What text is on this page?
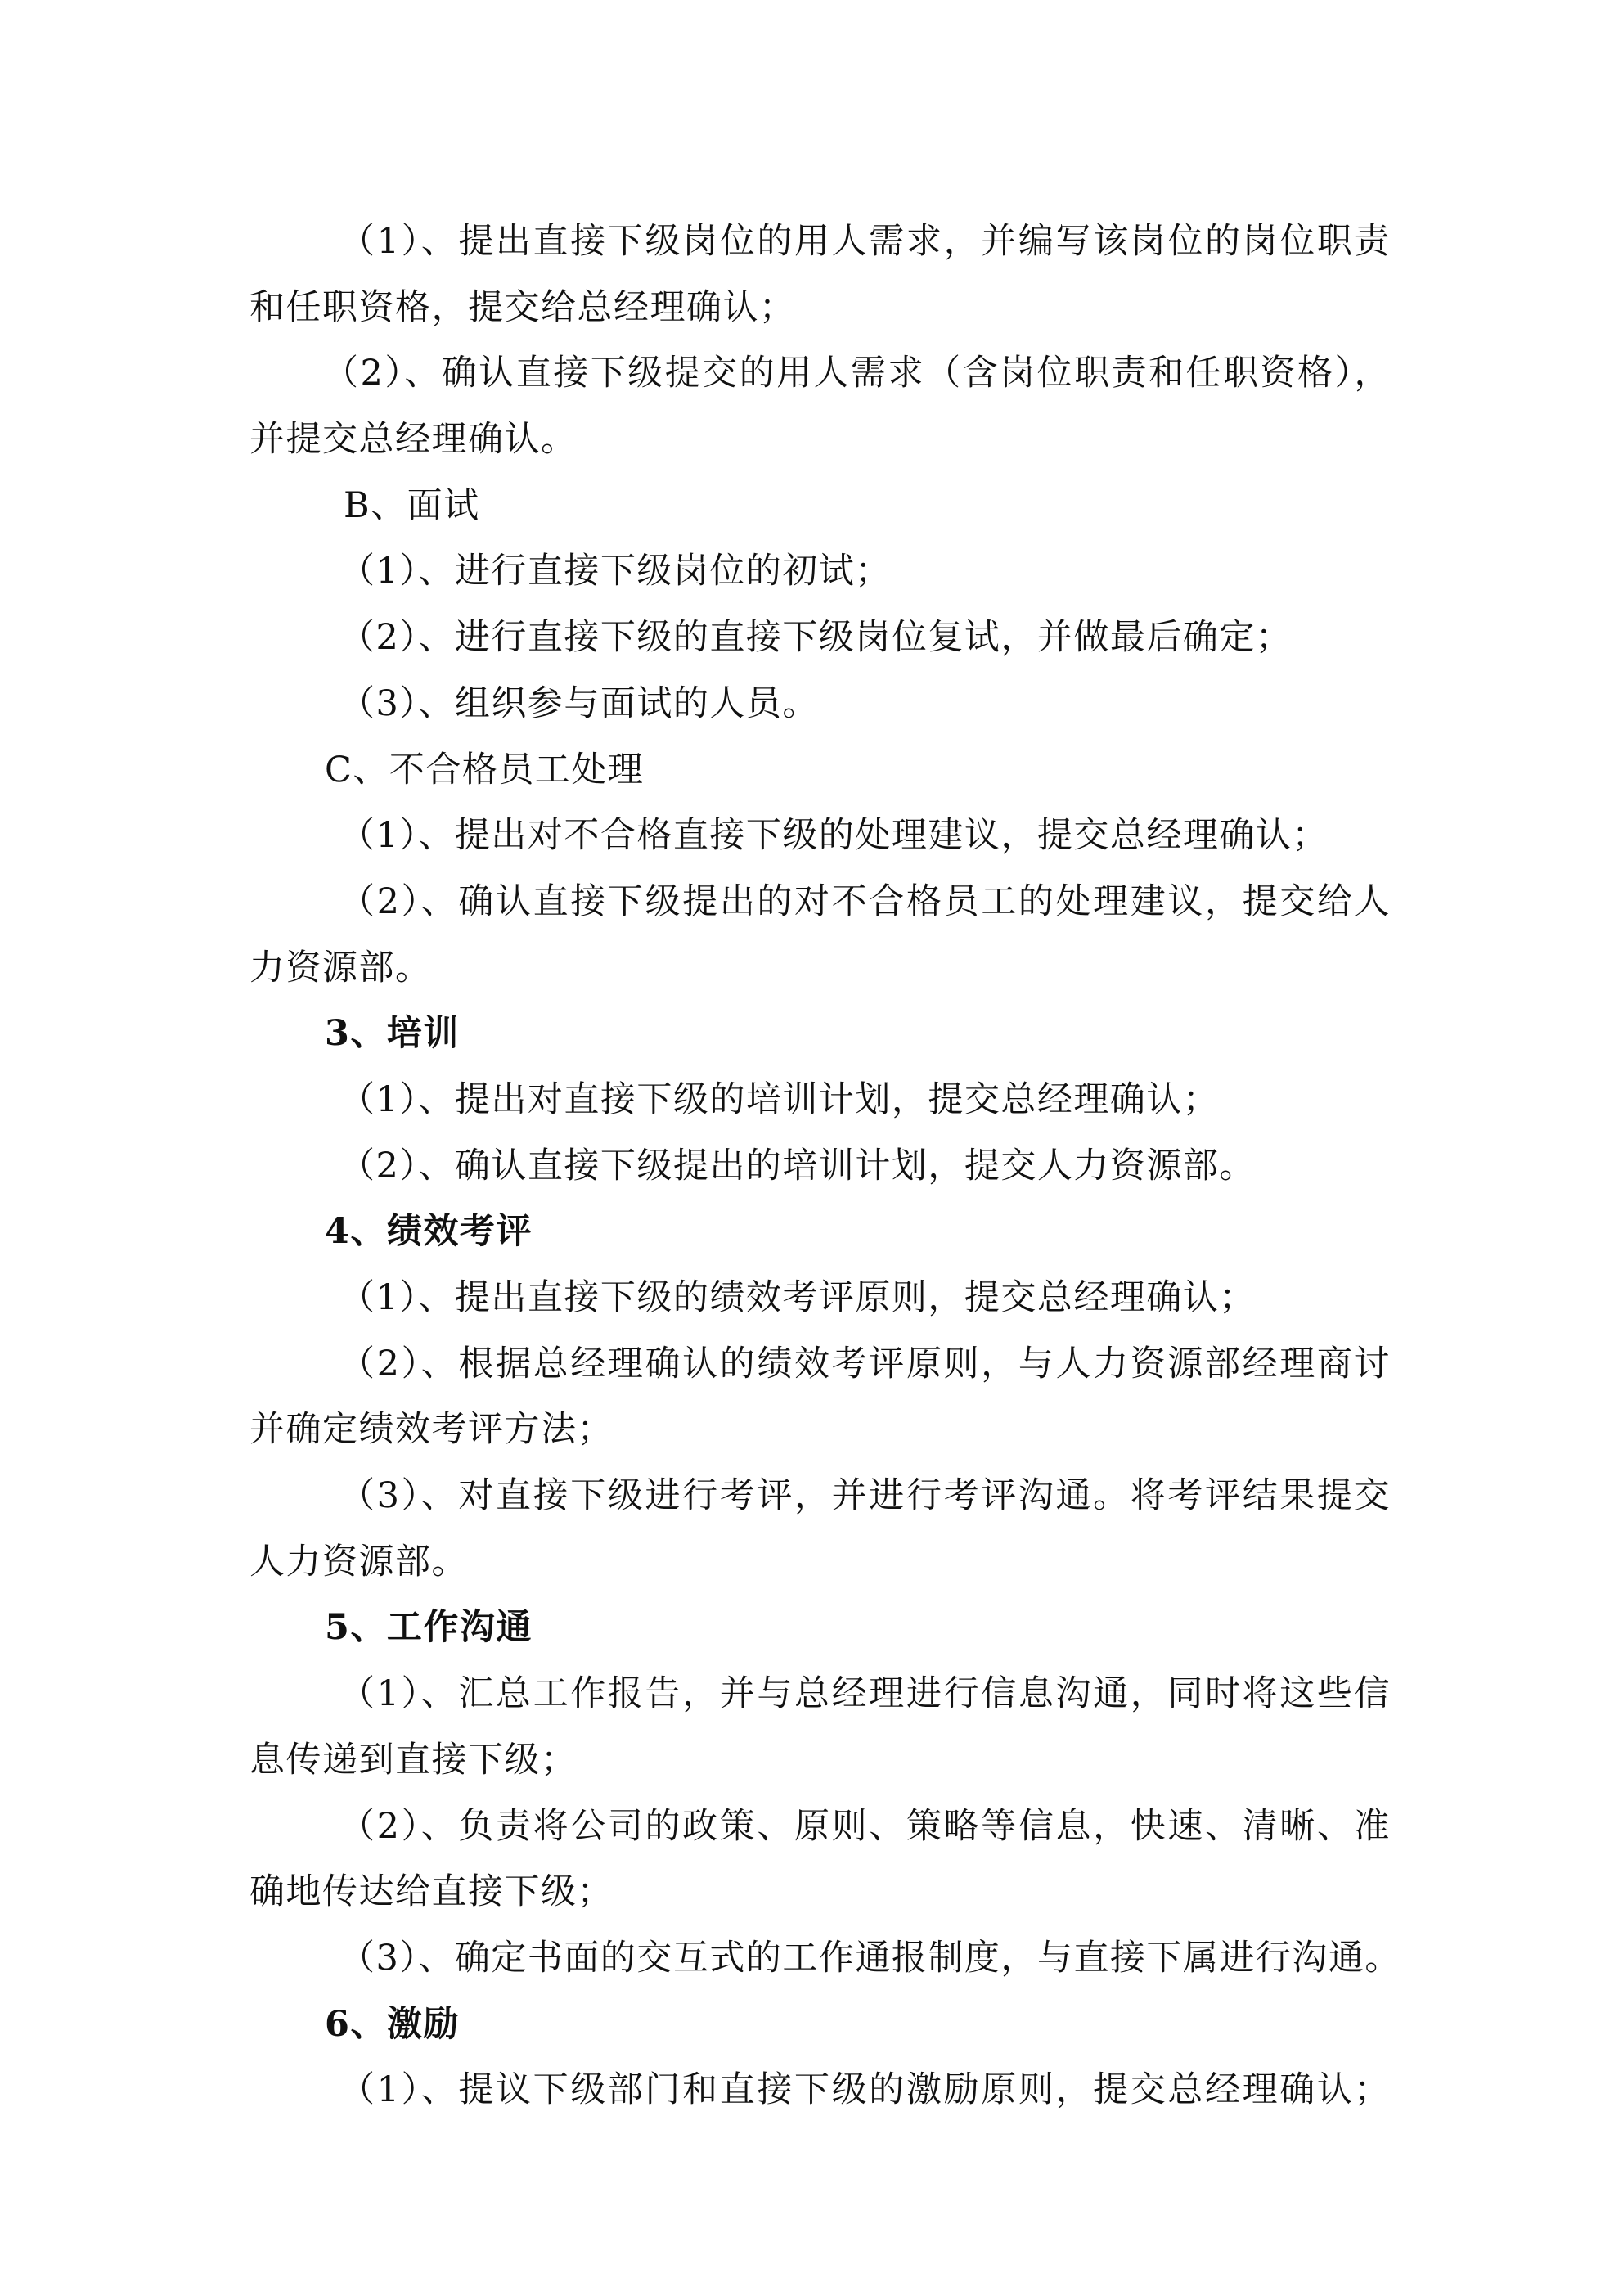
（1）、提出直接下级岗位的用人需求，并编写该岗位的岗位职责
和任职资格，提交给总经理确认；
（2）、确认直接下级提交的用人需求（含岗位职责和任职资格），
并提交总经理确认。
B、面试
（1）、进行直接下级岗位的初试；
（2）、进行直接下级的直接下级岗位复试，并做最后确定；
（3）、组织参与面试的人员。
C、不合格员工处理
（1）、提出对不合格直接下级的处理建议，提交总经理确认；
（2）、确认直接下级提出的对不合格员工的处理建议，提交给人
力资源部。
3、培训
（1）、提出对直接下级的培训计划，提交总经理确认；
（2）、确认直接下级提出的培训计划，提交人力资源部。
4、绩效考评
（1）、提出直接下级的绩效考评原则，提交总经理确认；
（2）、根据总经理确认的绩效考评原则，与人力资源部经理商讨
并确定绩效考评方法；
（3）、对直接下级进行考评，并进行考评沟通。将考评结果提交
人力资源部。
5、工作沟通
（1）、汇总工作报告，并与总经理进行信息沟通，同时将这些信
息传递到直接下级；
（2）、负责将公司的政策、原则、策略等信息，快速、清晰、准
确地传达给直接下级；
（3）、确定书面的交互式的工作通报制度，与直接下属进行沟通。
6、激励
（1）、提议下级部门和直接下级的激励原则，提交总经理确认；
